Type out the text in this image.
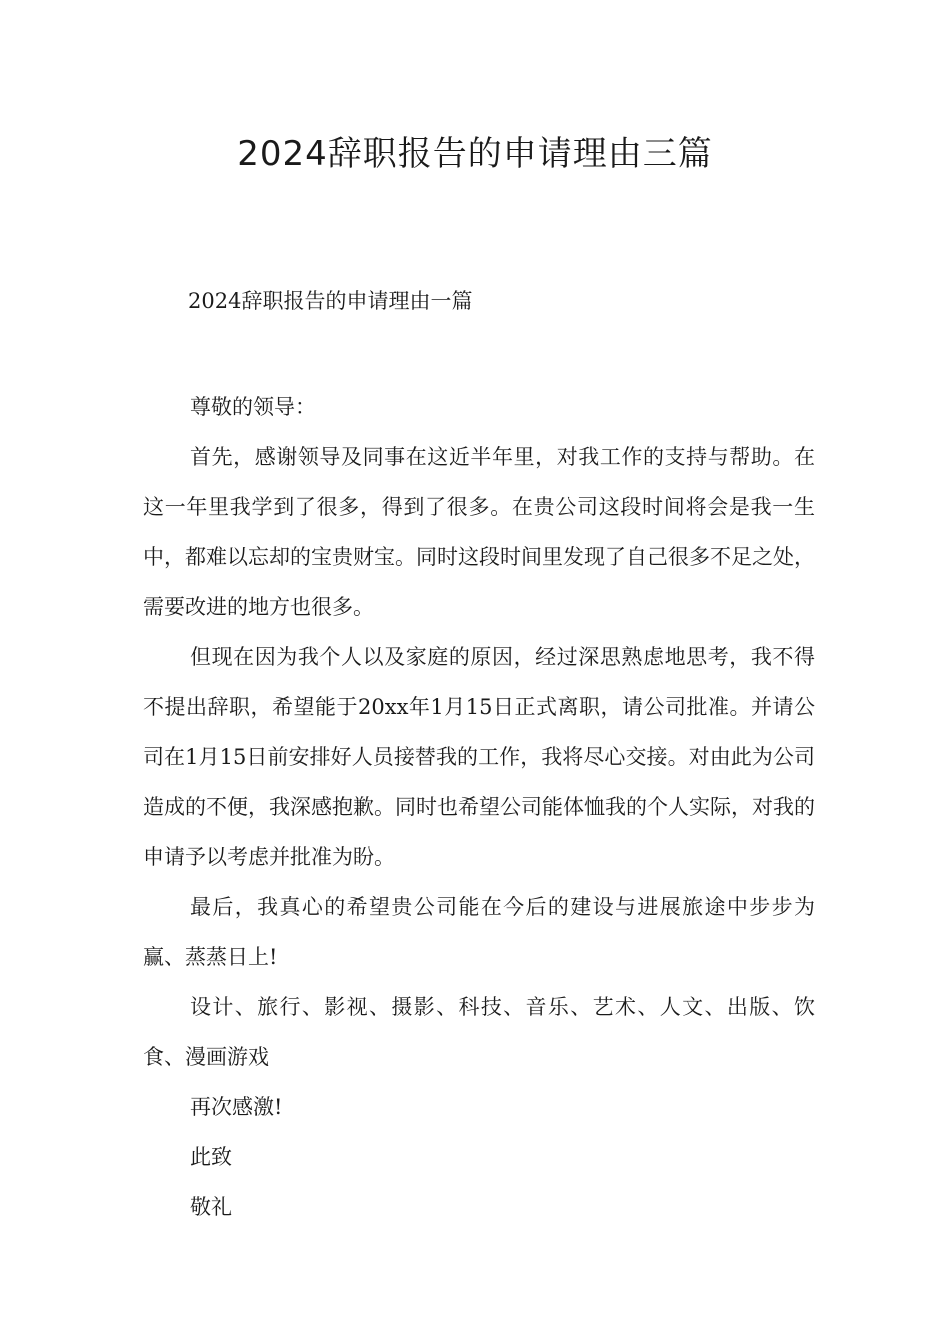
2024辞职报告的申请理由三篇
2024辞职报告的申请理由一篇

尊敬的领导：

首先，感谢领导及同事在这近半年里，对我工作的支持与帮助。在这一年里我学到了很多，得到了很多。在贵公司这段时间将会是我一生中，都难以忘却的宝贵财宝。同时这段时间里发现了自己很多不足之处，需要改进的地方也很多。

但现在因为我个人以及家庭的原因，经过深思熟虑地思考，我不得不提出辞职，希望能于20xx年1月15日正式离职，请公司批准。并请公司在1月15日前安排好人员接替我的工作，我将尽心交接。对由此为公司造成的不便，我深感抱歉。同时也希望公司能体恤我的个人实际，对我的申请予以考虑并批准为盼。

最后，我真心的希望贵公司能在今后的建设与进展旅途中步步为赢、蒸蒸日上!

设计、旅行、影视、摄影、科技、音乐、艺术、人文、出版、饮食、漫画游戏

再次感激!

此致

敬礼
